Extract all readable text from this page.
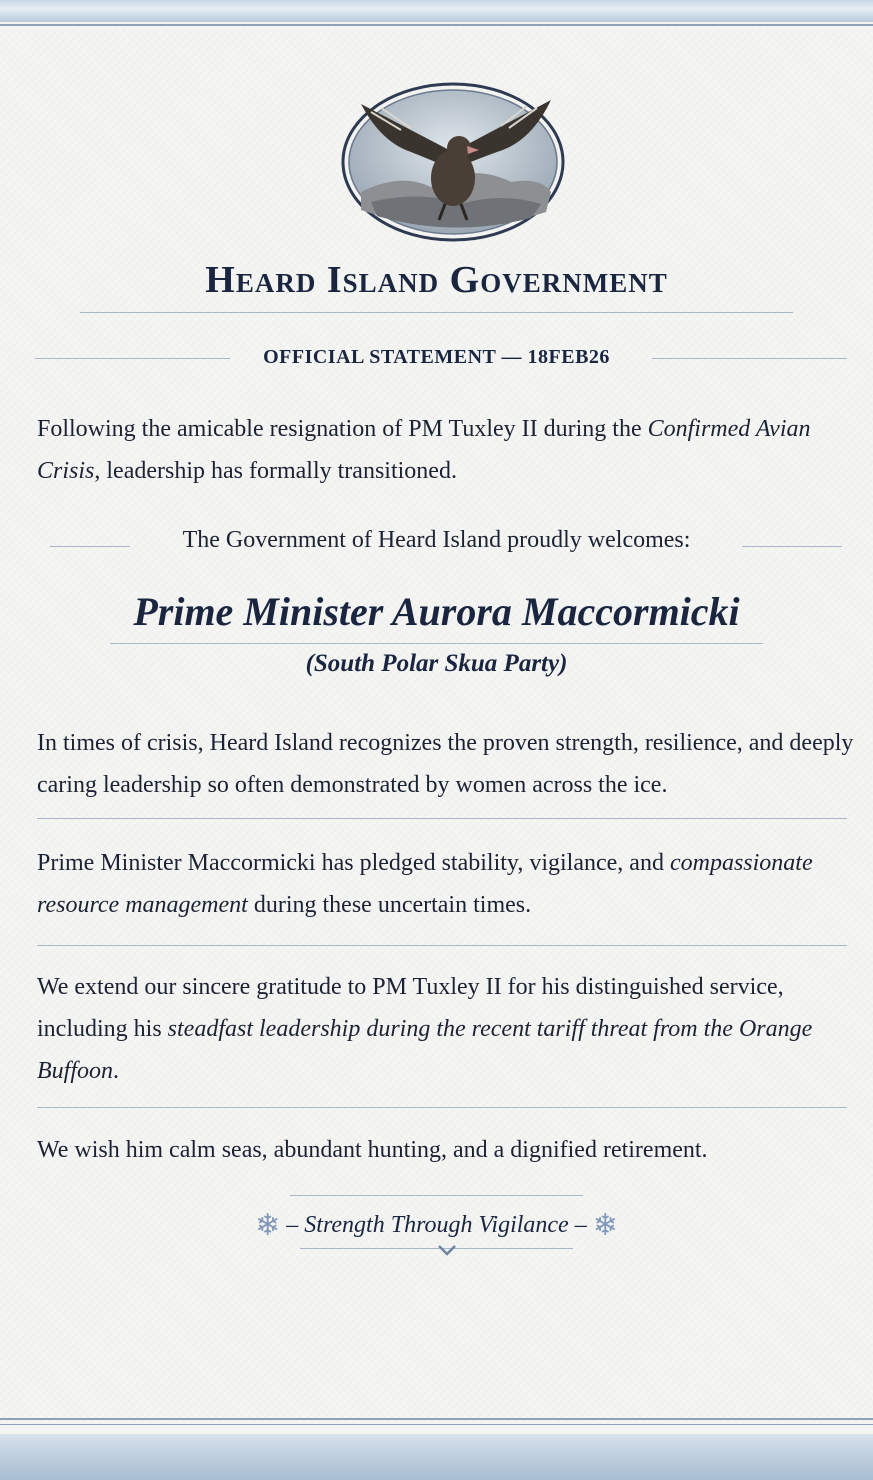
Heard Island Government
OFFICIAL STATEMENT — 18FEB26
Following the amicable resignation of PM Tuxley II during the Confirmed Avian Crisis, leadership has formally transitioned.
The Government of Heard Island proudly welcomes:
Prime Minister Aurora Maccormicki
(South Polar Skua Party)
In times of crisis, Heard Island recognizes the proven strength, resilience, and deeply caring leadership so often demonstrated by women across the ice.
Prime Minister Maccormicki has pledged stability, vigilance, and compassionate resource management during these uncertain times.
We extend our sincere gratitude to PM Tuxley II for his distinguished service, including his steadfast leadership during the recent tariff threat from the Orange Buffoon.
We wish him calm seas, abundant hunting, and a dignified retirement.
❄ – Strength Through Vigilance – ❄
